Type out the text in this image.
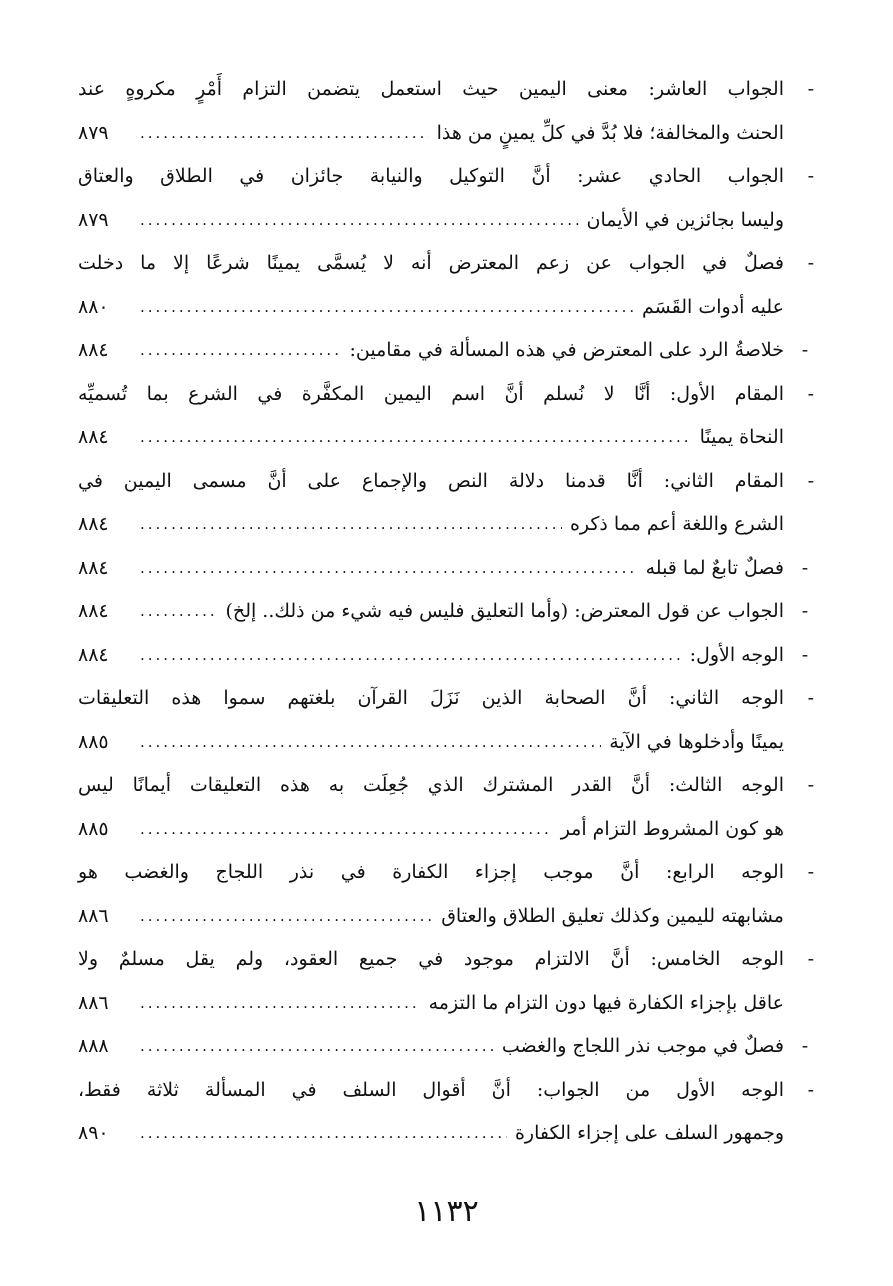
-
الجواب العاشر: معنى اليمين حيث استعمل يتضمن التزام أَمْرٍ مكروهٍ عند
الحنث والمخالفة؛ فلا بُدَّ في كلِّ يمينٍ من هذا
.....
٨٧٩
-
الجواب الحادي عشر: أنَّ التوكيل والنيابة جائزان في الطلاق والعتاق
وليسا بجائزين في الأيمان
.....
٨٧٩
-
فصلٌ في الجواب عن زعم المعترض أنه لا يُسمَّى يمينًا شرعًا إلا ما دخلت
عليه أدوات القَسَم
.....
٨٨٠
-
خلاصةُ الرد على المعترض في هذه المسألة في مقامين:
.....
٨٨٤
-
المقام الأول: أنَّا لا نُسلم أنَّ اسم اليمين المكفَّرة في الشرع بما تُسميِّه
النحاة يمينًا
.....
٨٨٤
-
المقام الثاني: أنَّا قدمنا دلالة النص والإجماع على أنَّ مسمى اليمين في
الشرع واللغة أعم مما ذكره
.....
٨٨٤
-
فصلٌ تابعٌ لما قبله
.....
٨٨٤
-
الجواب عن قول المعترض: (وأما التعليق فليس فيه شيء من ذلك.. إلخ)
.....
٨٨٤
-
الوجه الأول:
.....
٨٨٤
-
الوجه الثاني: أنَّ الصحابة الذين نَزَلَ القرآن بلغتهم سموا هذه التعليقات
يمينًا وأدخلوها في الآية
.....
٨٨٥
-
الوجه الثالث: أنَّ القدر المشترك الذي جُعِلَت به هذه التعليقات أيمانًا ليس
هو كون المشروط التزام أمر
.....
٨٨٥
-
الوجه الرابع: أنَّ موجب إجزاء الكفارة في نذر اللجاج والغضب هو
مشابهته لليمين وكذلك تعليق الطلاق والعتاق
.....
٨٨٦
-
الوجه الخامس: أنَّ الالتزام موجود في جميع العقود، ولم يقل مسلمٌ ولا
عاقل بإجزاء الكفارة فيها دون التزام ما التزمه
.....
٨٨٦
-
فصلٌ في موجب نذر اللجاج والغضب
.....
٨٨٨
-
الوجه الأول من الجواب: أنَّ أقوال السلف في المسألة ثلاثة فقط،
وجمهور السلف على إجزاء الكفارة
.....
٨٩٠
١١٣٢
